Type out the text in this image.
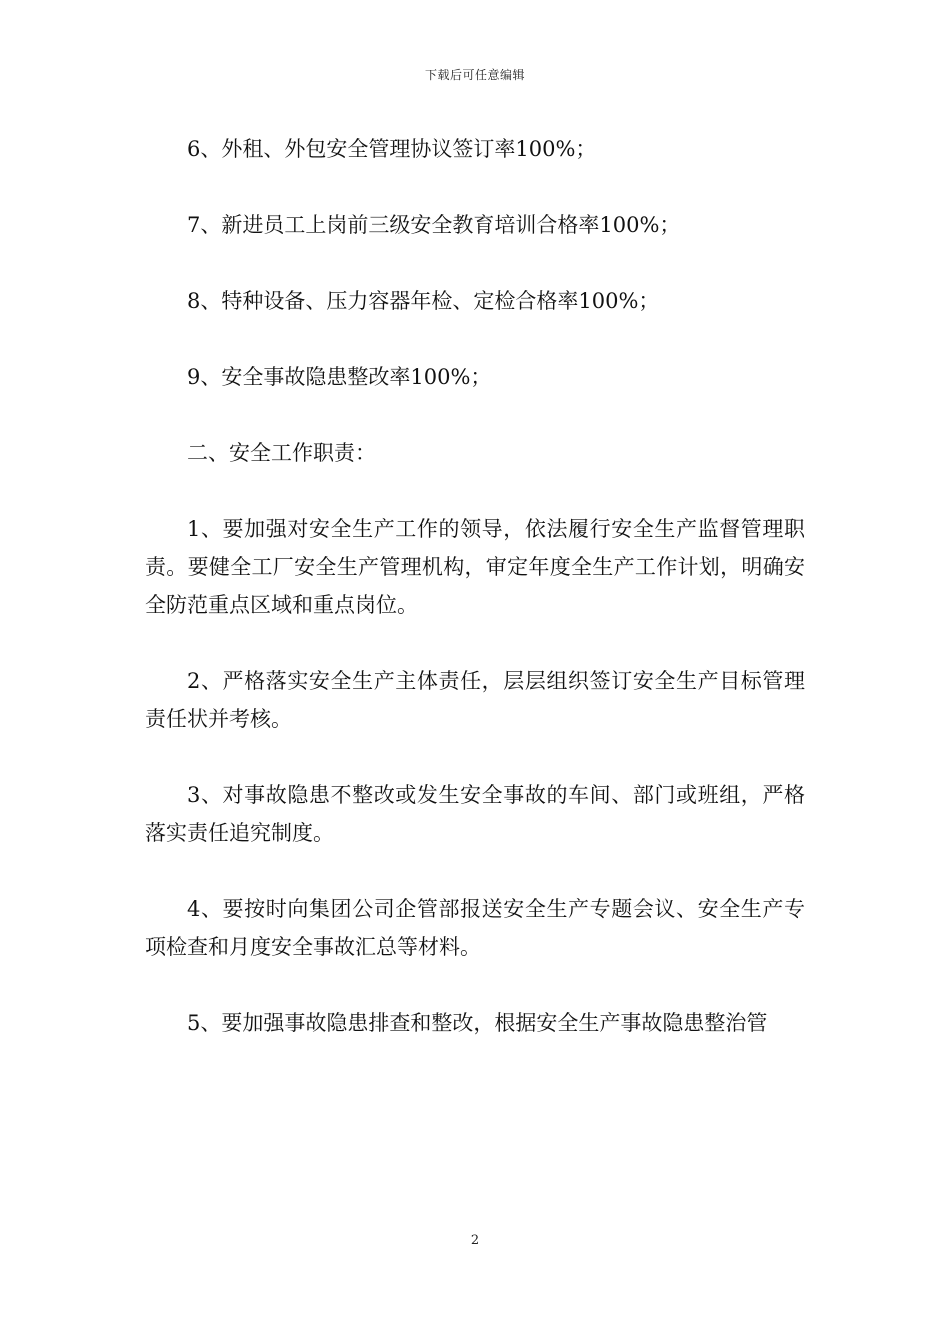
下载后可任意编辑

6、外租、外包安全管理协议签订率100%；

7、新进员工上岗前三级安全教育培训合格率100%；

8、特种设备、压力容器年检、定检合格率100%；

9、安全事故隐患整改率100%；

二、安全工作职责：

1、要加强对安全生产工作的领导，依法履行安全生产监督管理职责。要健全工厂安全生产管理机构，审定年度全生产工作计划，明确安全防范重点区域和重点岗位。

2、严格落实安全生产主体责任，层层组织签订安全生产目标管理责任状并考核。

3、对事故隐患不整改或发生安全事故的车间、部门或班组，严格落实责任追究制度。

4、要按时向集团公司企管部报送安全生产专题会议、安全生产专项检查和月度安全事故汇总等材料。

5、要加强事故隐患排查和整改，根据安全生产事故隐患整治管

2
